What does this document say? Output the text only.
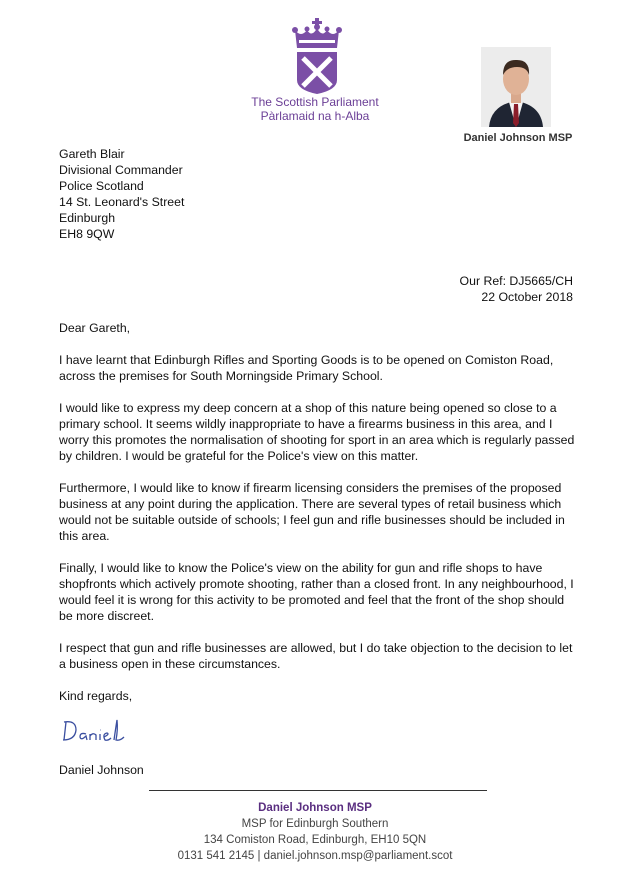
The Scottish Parliament
Pàrlamaid na h-Alba
Daniel Johnson MSP
Gareth Blair
Divisional Commander
Police Scotland
14 St. Leonard's Street
Edinburgh
EH8 9QW
Our Ref: DJ5665/CH
22 October 2018

Dear Gareth,

I have learnt that Edinburgh Rifles and Sporting Goods is to be opened on Comiston Road, across the premises for South Morningside Primary School.

I would like to express my deep concern at a shop of this nature being opened so close to a primary school. It seems wildly inappropriate to have a firearms business in this area, and I worry this promotes the normalisation of shooting for sport in an area which is regularly passed by children. I would be grateful for the Police's view on this matter.

Furthermore, I would like to know if firearm licensing considers the premises of the proposed business at any point during the application. There are several types of retail business which would not be suitable outside of schools; I feel gun and rifle businesses should be included in this area.

Finally, I would like to know the Police's view on the ability for gun and rifle shops to have shopfronts which actively promote shooting, rather than a closed front. In any neighbourhood, I would feel it is wrong for this activity to be promoted and feel that the front of the shop should be more discreet.

I respect that gun and rifle businesses are allowed, but I do take objection to the decision to let a business open in these circumstances.

Kind regards,

Daniel Johnson
Daniel Johnson MSP
MSP for Edinburgh Southern
134 Comiston Road, Edinburgh, EH10 5QN
0131 541 2145 | daniel.johnson.msp@parliament.scot
